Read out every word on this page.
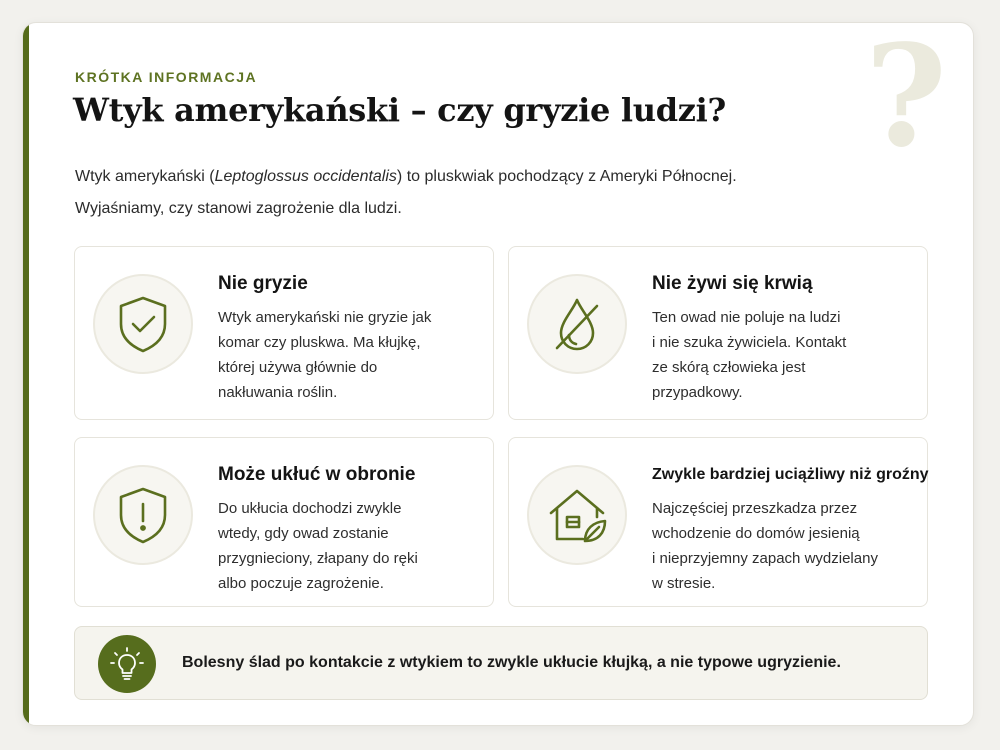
?
KRÓTKA INFORMACJA
Wtyk amerykański – czy gryzie ludzi?
Wtyk amerykański (Leptoglossus occidentalis) to pluskwiak pochodzący z Ameryki Północnej.
Wyjaśniamy, czy stanowi zagrożenie dla ludzi.
Nie gryzie
Wtyk amerykański nie gryzie jak
komar czy pluskwa. Ma kłujkę,
której używa głównie do
nakłuwania roślin.
Nie żywi się krwią
Ten owad nie poluje na ludzi
i nie szuka żywiciela. Kontakt
ze skórą człowieka jest
przypadkowy.
Może ukłuć w obronie
Do ukłucia dochodzi zwykle
wtedy, gdy owad zostanie
przygnieciony, złapany do ręki
albo poczuje zagrożenie.
Zwykle bardziej uciążliwy niż groźny
Najczęściej przeszkadza przez
wchodzenie do domów jesienią
i nieprzyjemny zapach wydzielany
w stresie.
Bolesny ślad po kontakcie z wtykiem to zwykle ukłucie kłujką, a nie typowe ugryzienie.
